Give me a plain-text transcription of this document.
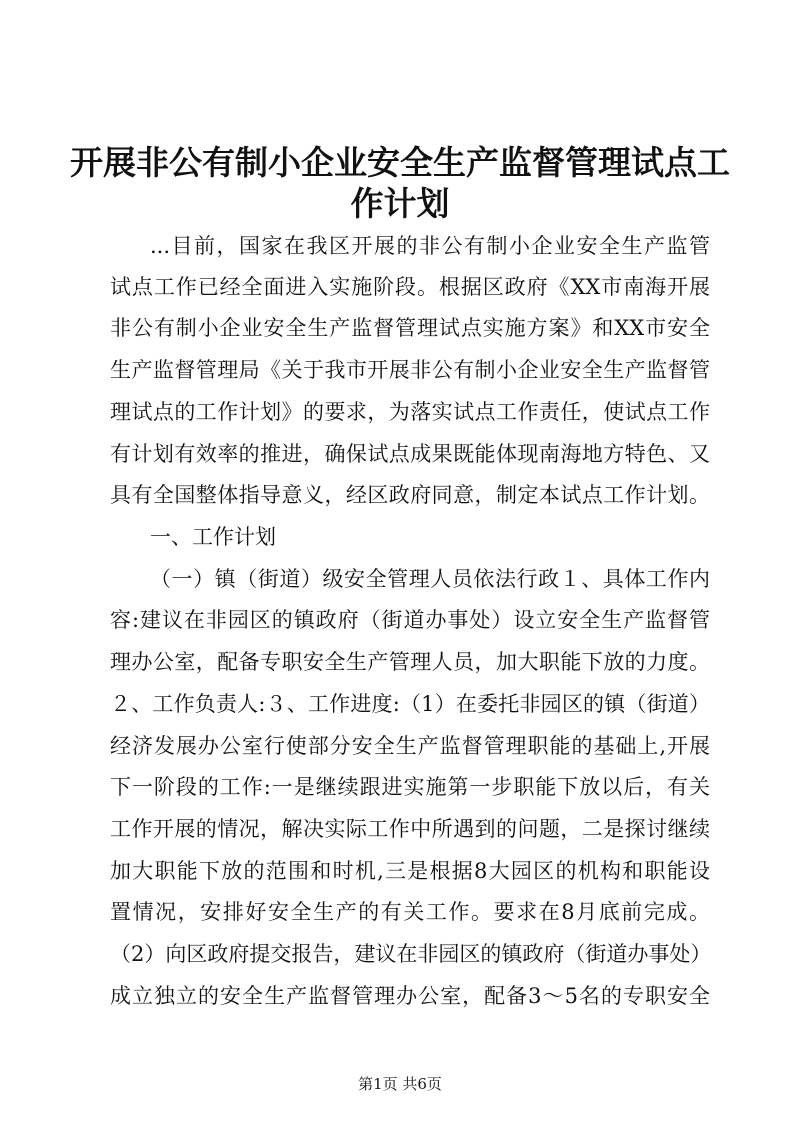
开展非公有制小企业安全生产监督管理试点工
作计划
...目前，国家在我区开展的非公有制小企业安全生产监管
试点工作已经全面进入实施阶段。根据区政府《XX市南海开展
非公有制小企业安全生产监督管理试点实施方案》和XX市安全
生产监督管理局《关于我市开展非公有制小企业安全生产监督管
理试点的工作计划》的要求，为落实试点工作责任，使试点工作
有计划有效率的推进，确保试点成果既能体现南海地方特色、又
具有全国整体指导意义，经区政府同意，制定本试点工作计划。
一、工作计划
（一）镇（街道）级安全管理人员依法行政１、具体工作内
容:建议在非园区的镇政府（街道办事处）设立安全生产监督管
理办公室，配备专职安全生产管理人员，加大职能下放的力度。
２、工作负责人:３、工作进度:（1）在委托非园区的镇（街道）
经济发展办公室行使部分安全生产监督管理职能的基础上,开展
下一阶段的工作:一是继续跟进实施第一步职能下放以后，有关
工作开展的情况，解决实际工作中所遇到的问题，二是探讨继续
加大职能下放的范围和时机,三是根据8大园区的机构和职能设
置情况，安排好安全生产的有关工作。要求在8月底前完成。
（2）向区政府提交报告，建议在非园区的镇政府（街道办事处）
成立独立的安全生产监督管理办公室，配备3～5名的专职安全
第1页 共6页
